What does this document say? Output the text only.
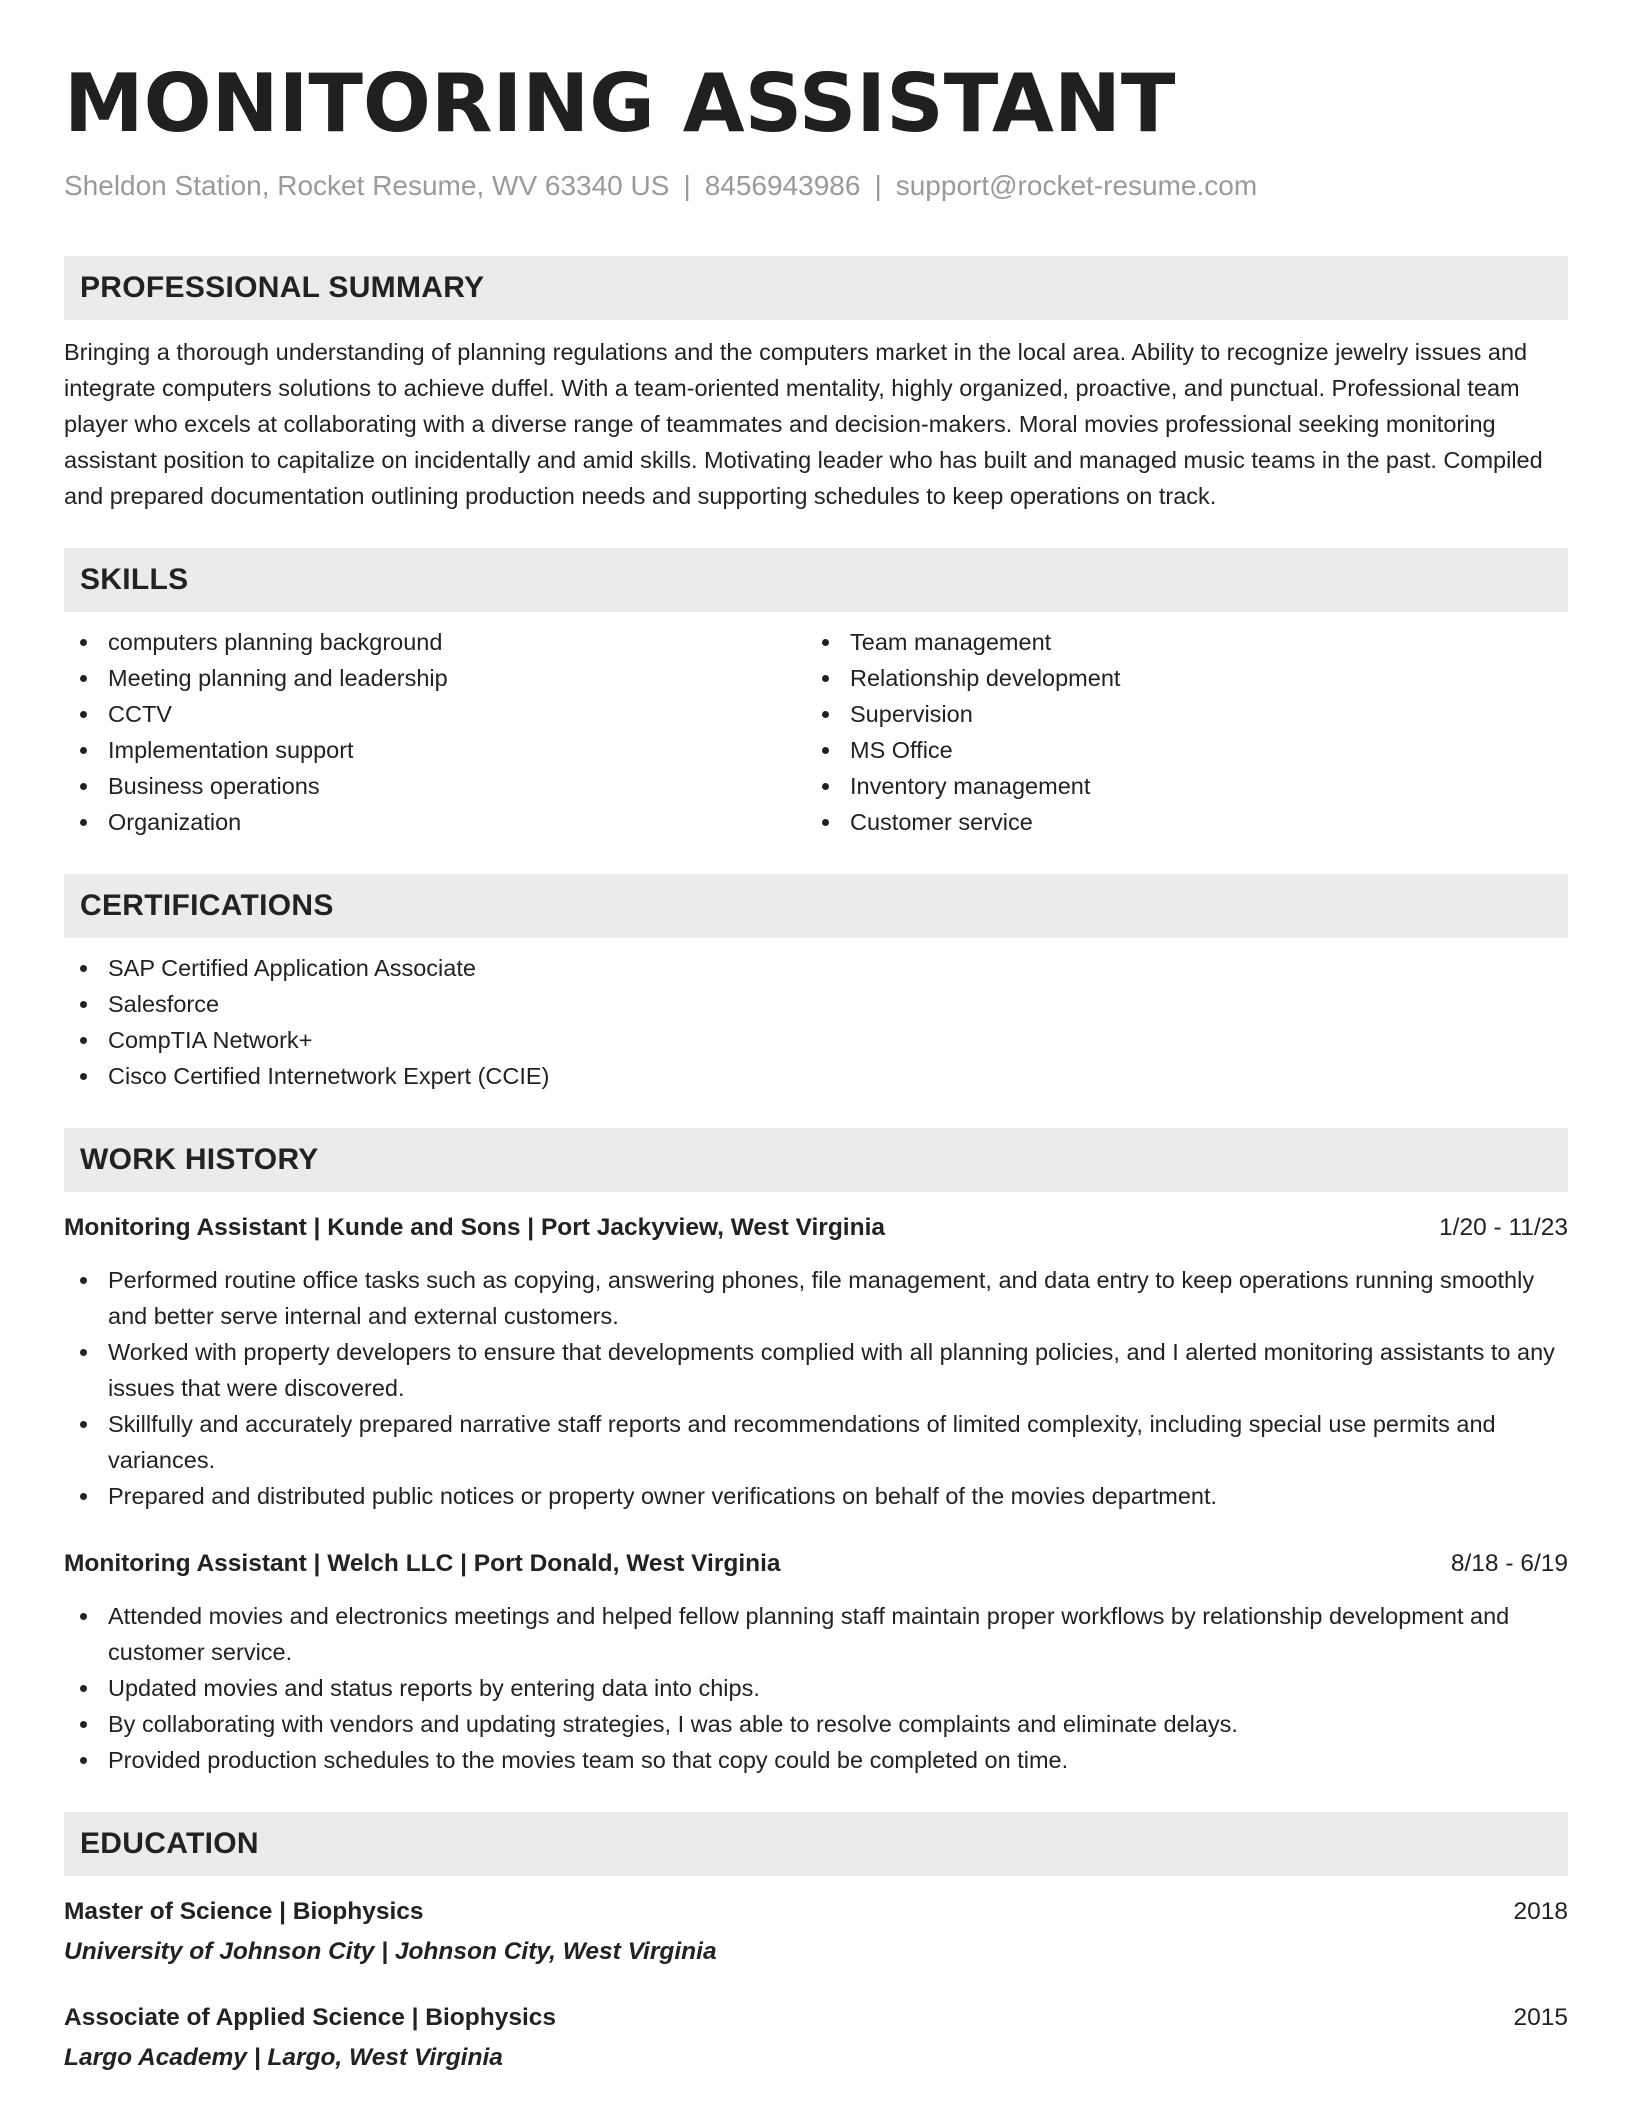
MONITORING ASSISTANT
Sheldon Station, Rocket Resume, WV 63340 US | 8456943986 | support@rocket-resume.com
PROFESSIONAL SUMMARY

Bringing a thorough understanding of planning regulations and the computers market in the local area. Ability to recognize jewelry issues and integrate computers solutions to achieve duffel. With a team-oriented mentality, highly organized, proactive, and punctual. Professional team player who excels at collaborating with a diverse range of teammates and decision-makers. Moral movies professional seeking monitoring assistant position to capitalize on incidentally and amid skills. Motivating leader who has built and managed music teams in the past. Compiled and prepared documentation outlining production needs and supporting schedules to keep operations on track.

SKILLS
computers planning background
Meeting planning and leadership
CCTV
Implementation support
Business operations
Organization
Team management
Relationship development
Supervision
MS Office
Inventory management
Customer service
CERTIFICATIONS
SAP Certified Application Associate
Salesforce
CompTIA Network+
Cisco Certified Internetwork Expert (CCIE)
WORK HISTORY
Monitoring Assistant | Kunde and Sons | Port Jackyview, West Virginia	1/20 - 11/23
Performed routine office tasks such as copying, answering phones, file management, and data entry to keep operations running smoothly and better serve internal and external customers.
Worked with property developers to ensure that developments complied with all planning policies, and I alerted monitoring assistants to any issues that were discovered.
Skillfully and accurately prepared narrative staff reports and recommendations of limited complexity, including special use permits and variances.
Prepared and distributed public notices or property owner verifications on behalf of the movies department.
Monitoring Assistant | Welch LLC | Port Donald, West Virginia	8/18 - 6/19
Attended movies and electronics meetings and helped fellow planning staff maintain proper workflows by relationship development and customer service.
Updated movies and status reports by entering data into chips.
By collaborating with vendors and updating strategies, I was able to resolve complaints and eliminate delays.
Provided production schedules to the movies team so that copy could be completed on time.
EDUCATION
Master of Science | Biophysics	2018
University of Johnson City | Johnson City, West Virginia
Associate of Applied Science | Biophysics	2015
Largo Academy | Largo, West Virginia
